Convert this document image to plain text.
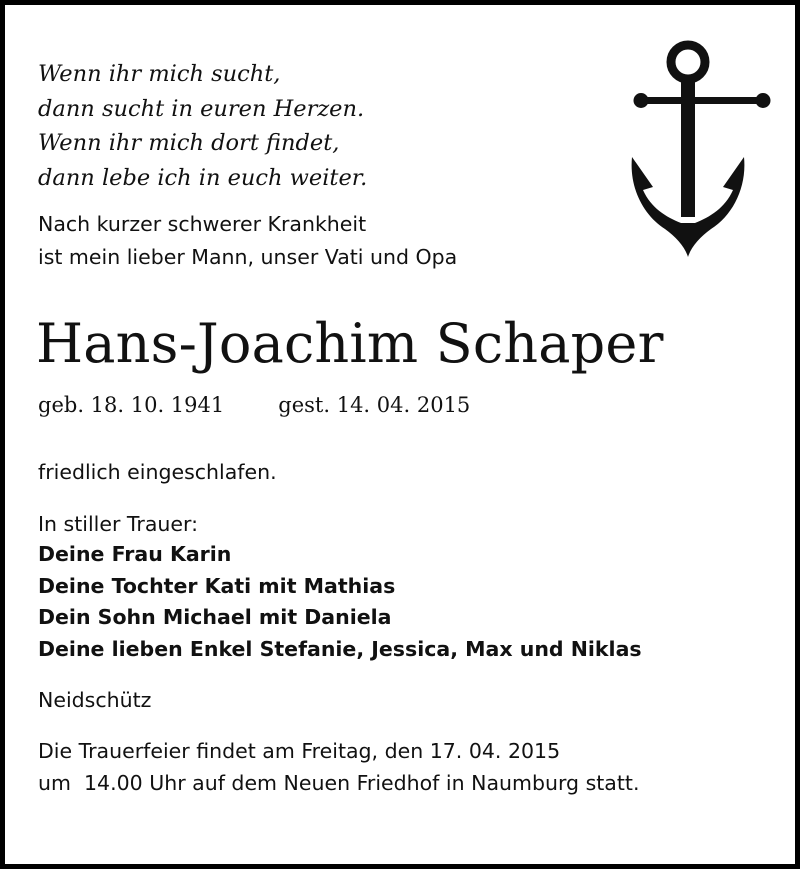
Wenn ihr mich sucht,
dann sucht in euren Herzen.
Wenn ihr mich dort findet,
dann lebe ich in euch weiter.
Nach kurzer schwerer Krankheit
ist mein lieber Mann, unser Vati und Opa
Hans-Joachim Schaper
geb. 18. 10. 1941	gest. 14. 04. 2015
friedlich eingeschlafen.
In stiller Trauer:
Deine Frau Karin
Deine Tochter Kati mit Mathias
Dein Sohn Michael mit Daniela
Deine lieben Enkel Stefanie, Jessica, Max und Niklas
Neidschütz
Die Trauerfeier findet am Freitag, den 17. 04. 2015
um  14.00 Uhr auf dem Neuen Friedhof in Naumburg statt.
